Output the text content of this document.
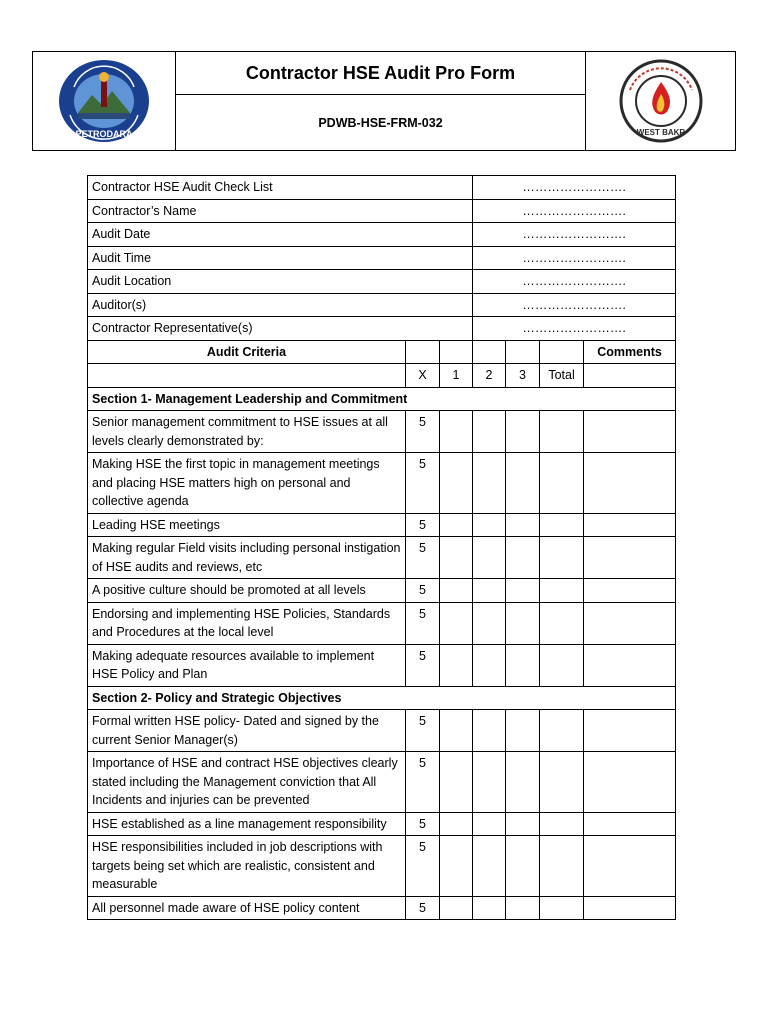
PETRODARA
Contractor HSE Audit Pro Form
PDWB-HSE-FRM-032
WEST BAKR
Contractor HSE Audit Check List			…………………….			
Contractor’s Name			…………………….			
Audit Date			…………………….			
Audit Time			…………………….			
Audit Location			…………………….			
Auditor(s)			…………………….			
Contractor Representative(s)			…………………….			
Audit Criteria						Comments
	X	1	2	3	Total	
Section 1- Management Leadership and Commitment						
Senior management commitment to HSE issues at all levels clearly demonstrated by:	5					
Making HSE the first topic in management meetings and placing HSE matters high on personal and collective agenda	5					
Leading HSE meetings	5					
Making regular Field visits including personal instigation of HSE audits and reviews, etc	5					
A positive culture should be promoted at all levels	5					
Endorsing and implementing HSE Policies, Standards and Procedures at the local level	5					
Making adequate resources available to implement HSE Policy and Plan	5					
Section 2- Policy and Strategic Objectives						
Formal written HSE policy- Dated and signed by the current Senior Manager(s)	5					
Importance of HSE and contract HSE objectives clearly stated including the Management conviction that All Incidents and injuries can be prevented	5					
HSE established as a line management responsibility	5					
HSE responsibilities included in job descriptions with targets being set which are realistic, consistent and measurable	5					
All personnel made aware of HSE policy content	5					
